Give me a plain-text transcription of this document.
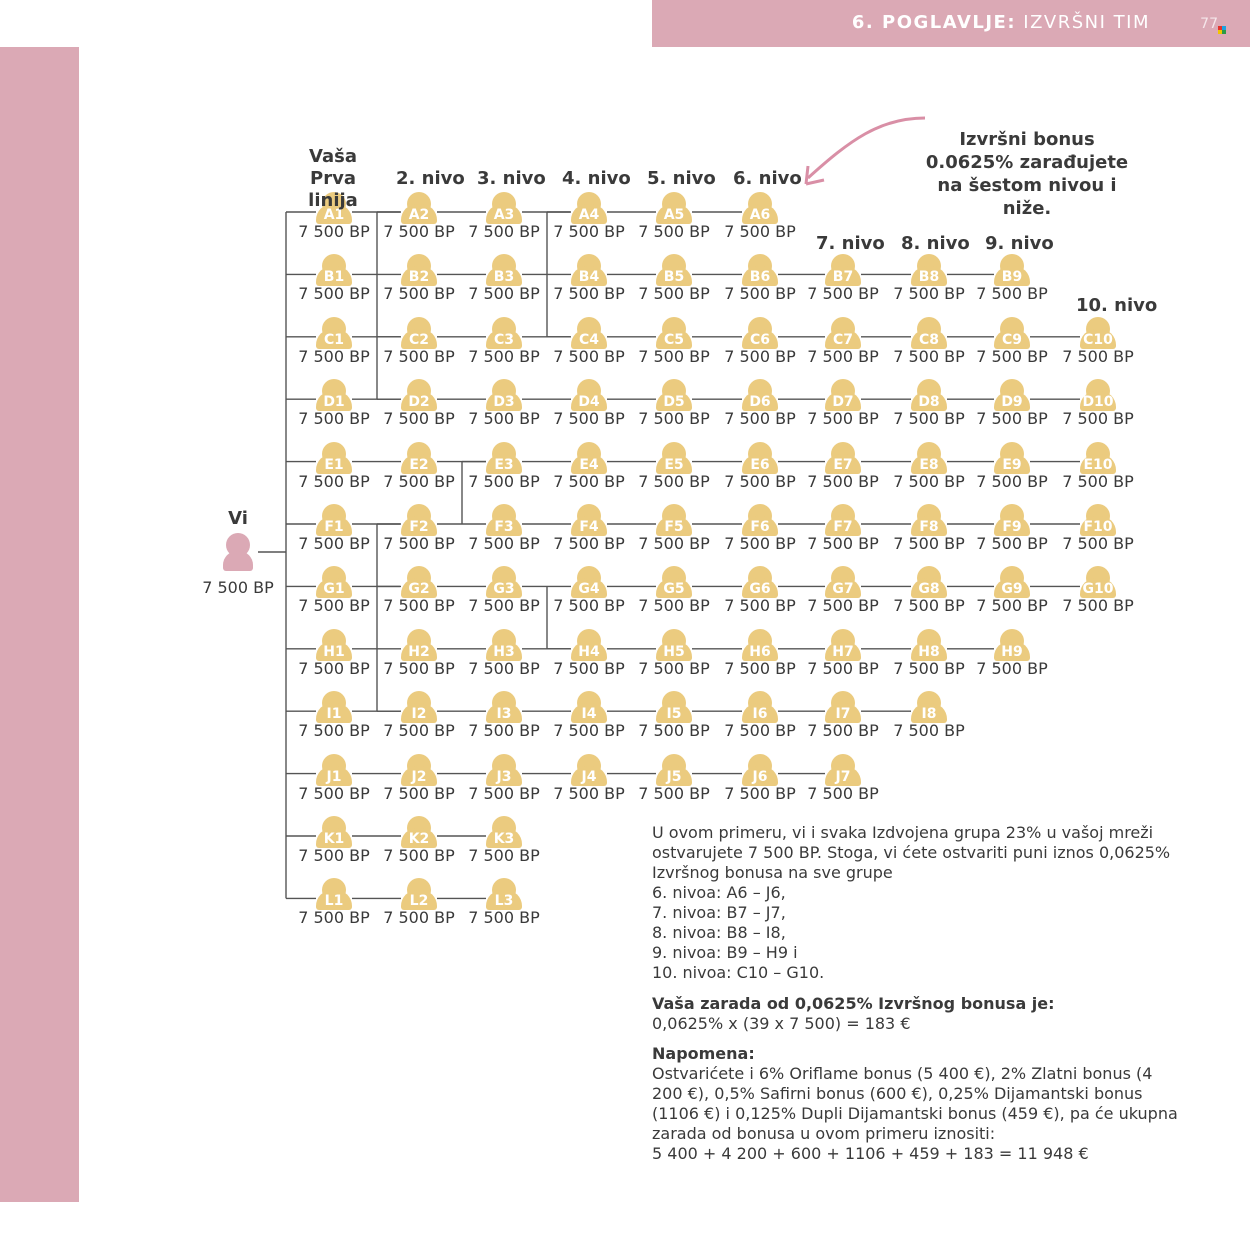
6. POGLAVLJE: IZVRŠNI TIM	77
A1
7 500 BP
A2
7 500 BP
A3
7 500 BP
A4
7 500 BP
A5
7 500 BP
A6
7 500 BP
B1
7 500 BP
B2
7 500 BP
B3
7 500 BP
B4
7 500 BP
B5
7 500 BP
B6
7 500 BP
B7
7 500 BP
B8
7 500 BP
B9
7 500 BP
C1
7 500 BP
C2
7 500 BP
C3
7 500 BP
C4
7 500 BP
C5
7 500 BP
C6
7 500 BP
C7
7 500 BP
C8
7 500 BP
C9
7 500 BP
C10
7 500 BP
D1
7 500 BP
D2
7 500 BP
D3
7 500 BP
D4
7 500 BP
D5
7 500 BP
D6
7 500 BP
D7
7 500 BP
D8
7 500 BP
D9
7 500 BP
D10
7 500 BP
E1
7 500 BP
E2
7 500 BP
E3
7 500 BP
E4
7 500 BP
E5
7 500 BP
E6
7 500 BP
E7
7 500 BP
E8
7 500 BP
E9
7 500 BP
E10
7 500 BP
F1
7 500 BP
F2
7 500 BP
F3
7 500 BP
F4
7 500 BP
F5
7 500 BP
F6
7 500 BP
F7
7 500 BP
F8
7 500 BP
F9
7 500 BP
F10
7 500 BP
G1
7 500 BP
G2
7 500 BP
G3
7 500 BP
G4
7 500 BP
G5
7 500 BP
G6
7 500 BP
G7
7 500 BP
G8
7 500 BP
G9
7 500 BP
G10
7 500 BP
H1
7 500 BP
H2
7 500 BP
H3
7 500 BP
H4
7 500 BP
H5
7 500 BP
H6
7 500 BP
H7
7 500 BP
H8
7 500 BP
H9
7 500 BP
I1
7 500 BP
I2
7 500 BP
I3
7 500 BP
I4
7 500 BP
I5
7 500 BP
I6
7 500 BP
I7
7 500 BP
I8
7 500 BP
J1
7 500 BP
J2
7 500 BP
J3
7 500 BP
J4
7 500 BP
J5
7 500 BP
J6
7 500 BP
J7
7 500 BP
K1
7 500 BP
K2
7 500 BP
K3
7 500 BP
L1
7 500 BP
L2
7 500 BP
L3
7 500 BP
Vi
7 500 BP
Vaša Prva linija
2. nivo 3. nivo 4. nivo 5. nivo 6. nivo
7. nivo 8. nivo 9. nivo
10. nivo
Izvršni bonus 0.0625% zarađujete na šestom nivou i niže.

U ovom primeru, vi i svaka Izdvojena grupa 23% u vašoj mreži ostvarujete 7 500 BP. Stoga, vi ćete ostvariti puni iznos 0,0625% Izvršnog bonusa na sve grupe

6. nivoa: A6 – J6,

7. nivoa: B7 – J7,

8. nivoa: B8 – I8,

9. nivoa: B9 – H9 i

10. nivoa: C10 – G10.

Vaša zarada od 0,0625% Izvršnog bonusa je:

0,0625% x (39 x 7 500) = 183 €

Napomena:

Ostvarićete i 6% Oriflame bonus (5 400 €), 2% Zlatni bonus (4 200 €), 0,5% Safirni bonus (600 €), 0,25% Dijamantski bonus (1106 €) i 0,125% Dupli Dijamantski bonus (459 €), pa će ukupna zarada od bonusa u ovom primeru iznositi:

5 400 + 4 200 + 600 + 1106 + 459 + 183 = 11 948 €
